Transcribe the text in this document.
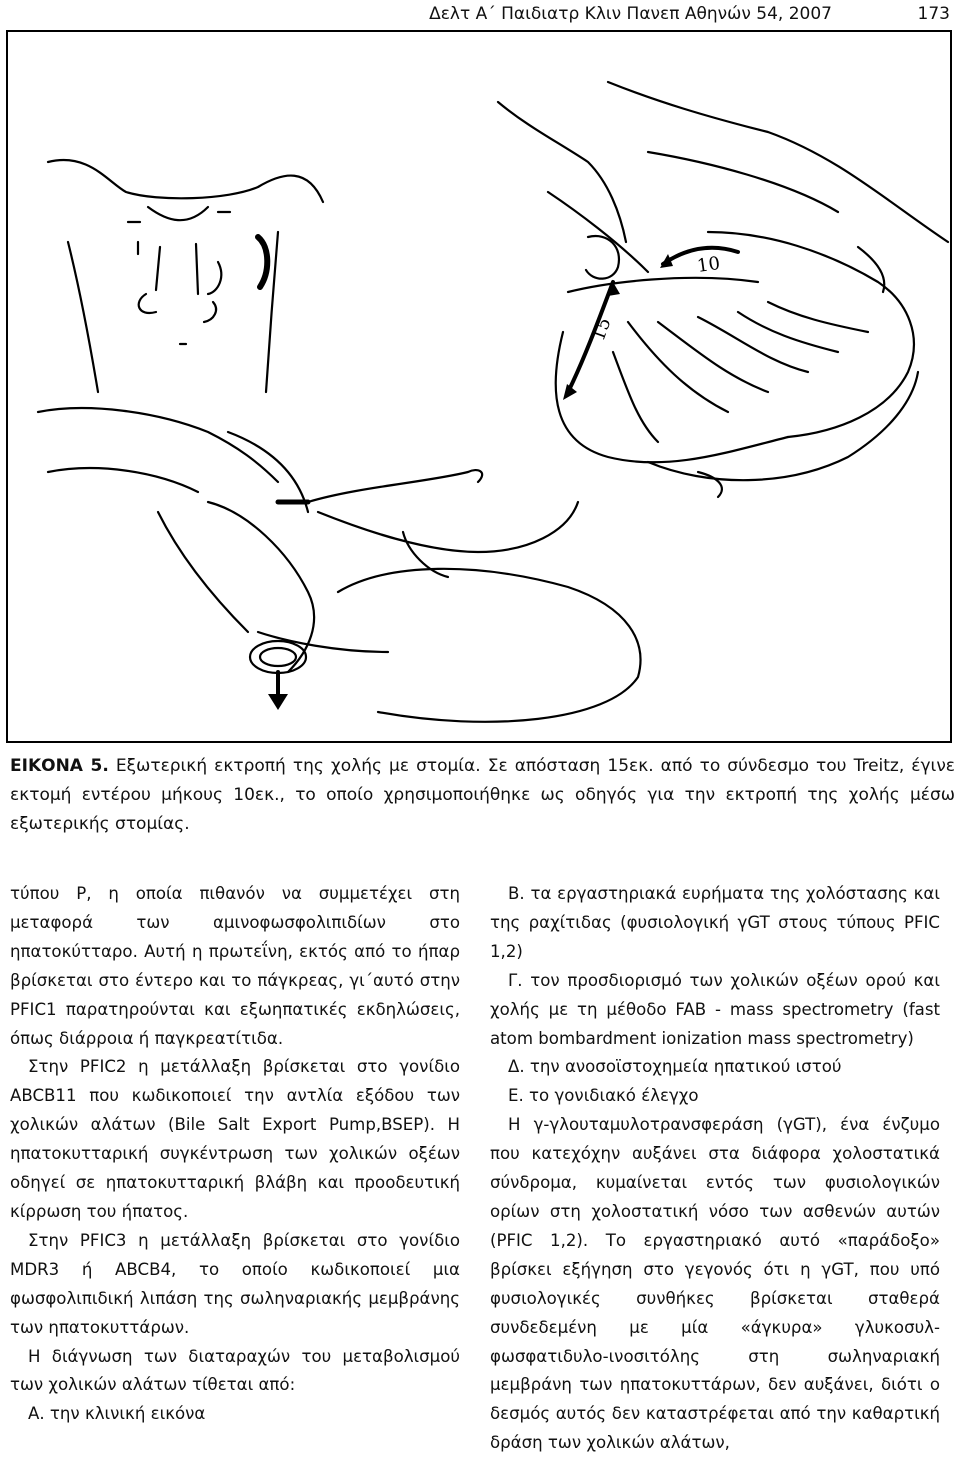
Δελτ Α΄ Παιδιατρ Κλιν Πανεπ Αθηνών 54, 2007	173
10
15
ΕΙΚΟΝΑ 5. Εξωτερική εκτροπή της χολής με στομία. Σε απόσταση 15εκ. από το σύνδεσμο του Treitz, έγινε εκτομή εντέρου μήκους 10εκ., το οποίο χρησιμοποιήθηκε ως οδηγός για την εκτροπή της χολής μέσω εξωτερικής στομίας.

τύπου P, η οποία πιθανόν να συμμετέχει στη μεταφορά των αμινοφωσφολιπιδίων στο ηπατοκύτταρο. Αυτή η πρωτεΐνη, εκτός από το ήπαρ βρίσκεται στο έντερο και το πάγκρεας, γι΄αυτό στην PFIC1 παρατηρούνται και εξωηπατικές εκδηλώσεις, όπως διάρροια ή παγκρεατίτιδα.

Στην PFIC2 η μετάλλαξη βρίσκεται στο γονίδιο ABCB11 που κωδικοποιεί την αντλία εξόδου των χολικών αλάτων (Bile Salt Export Pump,BSEP). Η ηπατοκυτταρική συγκέντρωση των χολικών οξέων οδηγεί σε ηπατοκυτταρική βλάβη και προοδευτική κίρρωση του ήπατος.

Στην PFIC3 η μετάλλαξη βρίσκεται στο γονίδιο MDR3 ή ABCB4, το οποίο κωδικοποιεί μια φωσφολιπιδική λιπάση της σωληναριακής μεμβράνης των ηπατοκυττάρων.

Η διάγνωση των διαταραχών του μεταβολισμού των χολικών αλάτων τίθεται από:

Α. την κλινική εικόνα

Β. τα εργαστηριακά ευρήματα της χολόστασης και της ραχίτιδας (φυσιολογική γGT στους τύπους PFIC 1,2)

Γ. τον προσδιορισμό των χολικών οξέων ορού και χολής με τη μέθοδο FAB - mass spectrometry (fast atom bombardment ionization mass spectrometry)

Δ. την ανοσοϊστοχημεία ηπατικού ιστού

Ε. το γονιδιακό έλεγχο

Η γ-γλουταμυλοτρανσφεράση (γGT), ένα ένζυμο που κατεχόχην αυξάνει στα διάφορα χολοστατικά σύνδρομα, κυμαίνεται εντός των φυσιολογικών ορίων στη χολοστατική νόσο των ασθενών αυτών (PFIC 1,2). Το εργαστηριακό αυτό «παράδοξο» βρίσκει εξήγηση στο γεγονός ότι η γGT, που υπό φυσιολογικές συνθήκες βρίσκεται σταθερά συνδεδεμένη με μία «άγκυρα» γλυκοσυλ-φωσφατιδυλο-ινοσιτόλης στη σωληναριακή μεμβράνη των ηπατοκυττάρων, δεν αυξάνει, διότι ο δεσμός αυτός δεν καταστρέφεται από την καθαρτική δράση των χολικών αλάτων,
